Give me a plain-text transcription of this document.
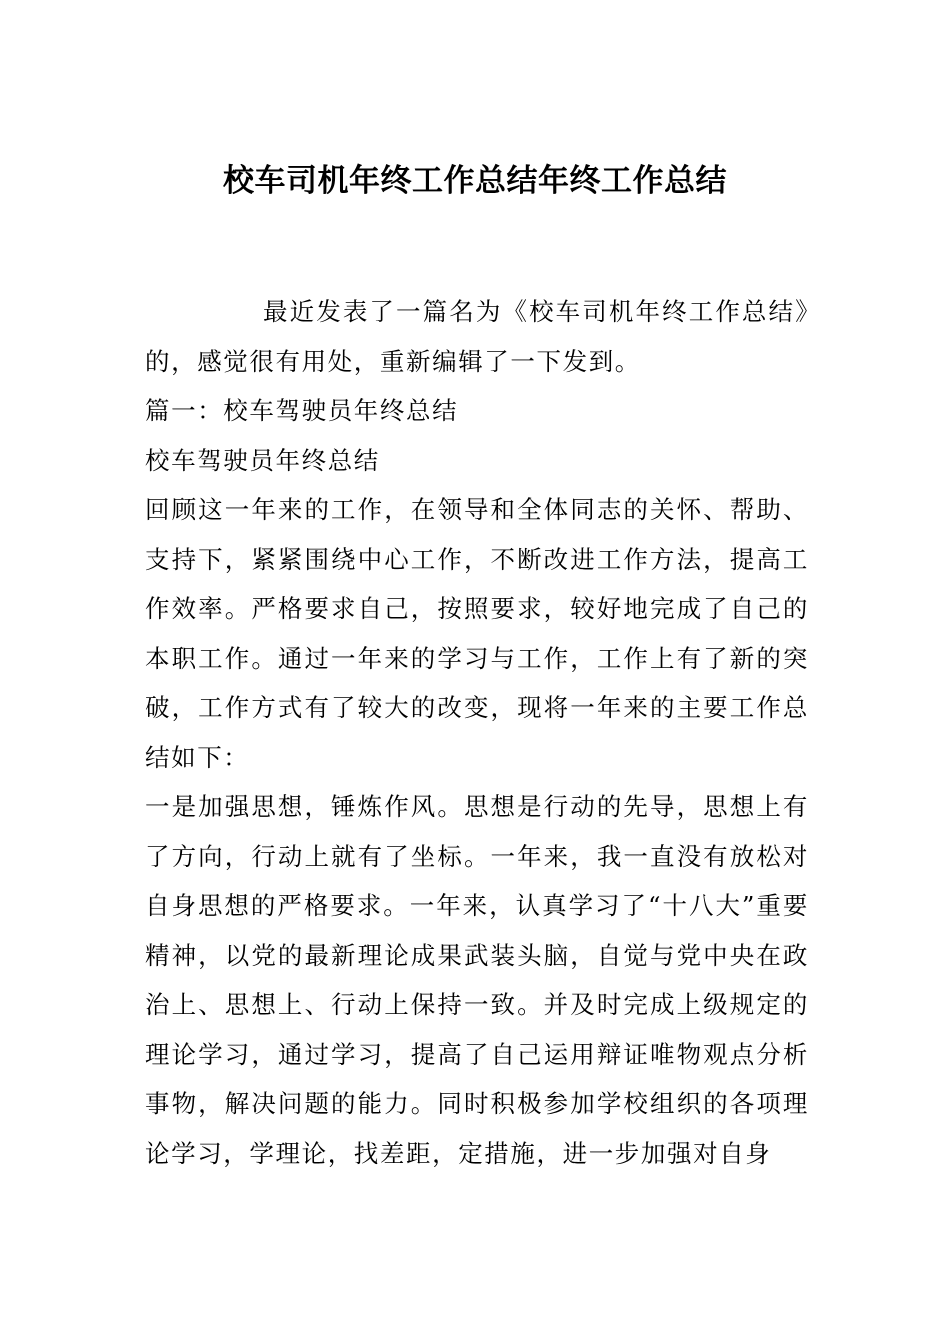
校车司机年终工作总结年终工作总结

最近发表了一篇名为《校车司机年终工作总结》的，感觉很有用处，重新编辑了一下发到。

篇一：校车驾驶员年终总结

校车驾驶员年终总结

回顾这一年来的工作，在领导和全体同志的关怀、帮助、支持下，紧紧围绕中心工作，不断改进工作方法，提高工作效率。严格要求自己，按照要求，较好地完成了自己的本职工作。通过一年来的学习与工作，工作上有了新的突破，工作方式有了较大的改变，现将一年来的主要工作总结如下：

一是加强思想，锤炼作风。思想是行动的先导，思想上有了方向，行动上就有了坐标。一年来，我一直没有放松对自身思想的严格要求。一年来，认真学习了“十八大”重要精神，以党的最新理论成果武装头脑，自觉与党中央在政治上、思想上、行动上保持一致。并及时完成上级规定的理论学习，通过学习，提高了自己运用辩证唯物观点分析事物，解决问题的能力。同时积极参加学校组织的各项理论学习，学理论，找差距，定措施，进一步加强对自身
